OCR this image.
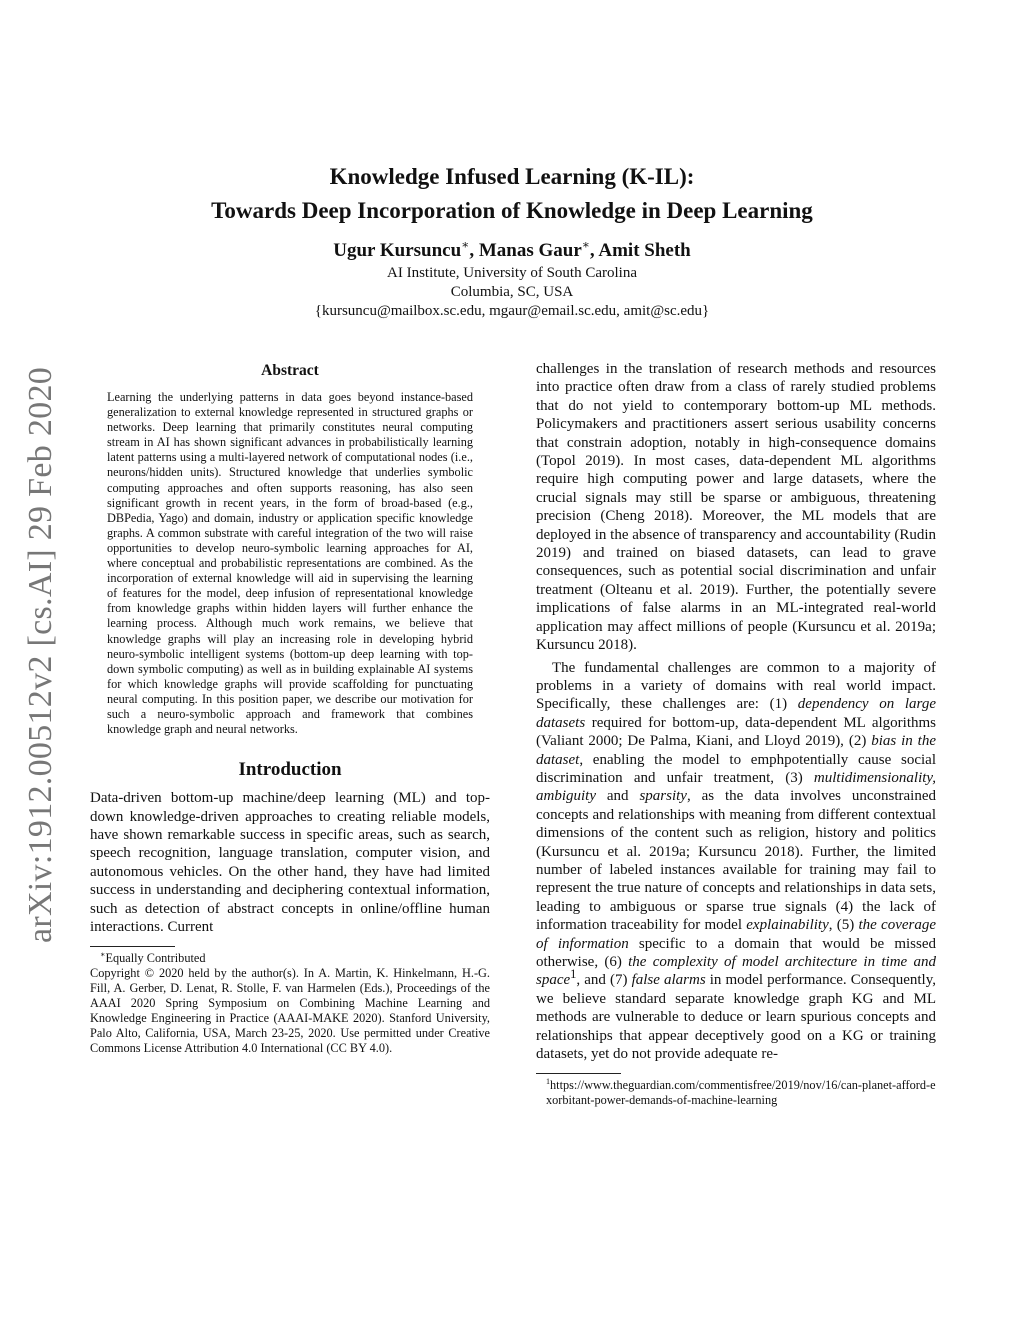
arXiv:1912.00512v2 [cs.AI] 29 Feb 2020
Knowledge Infused Learning (K-IL):
Towards Deep Incorporation of Knowledge in Deep Learning
Ugur Kursuncu∗, Manas Gaur∗, Amit Sheth
AI Institute, University of South Carolina
Columbia, SC, USA
{kursuncu@mailbox.sc.edu, mgaur@email.sc.edu, amit@sc.edu}
Abstract

Learning the underlying patterns in data goes beyond instance-based generalization to external knowledge represented in structured graphs or networks. Deep learning that primarily constitutes neural computing stream in AI has shown significant advances in probabilistically learning latent patterns using a multi-layered network of computational nodes (i.e., neurons/hidden units). Structured knowledge that underlies symbolic computing approaches and often supports reasoning, has also seen significant growth in recent years, in the form of broad-based (e.g., DBPedia, Yago) and domain, industry or application specific knowledge graphs. A common substrate with careful integration of the two will raise opportunities to develop neuro-symbolic learning approaches for AI, where conceptual and probabilistic representations are combined. As the incorporation of external knowledge will aid in supervising the learning of features for the model, deep infusion of representational knowledge from knowledge graphs within hidden layers will further enhance the learning process. Although much work remains, we believe that knowledge graphs will play an increasing role in developing hybrid neuro-symbolic intelligent systems (bottom-up deep learning with top-down symbolic computing) as well as in building explainable AI systems for which knowledge graphs will provide scaffolding for punctuating neural computing. In this position paper, we describe our motivation for such a neuro-symbolic approach and framework that combines knowledge graph and neural networks.

Introduction

Data-driven bottom-up machine/deep learning (ML) and top-down knowledge-driven approaches to creating reliable models, have shown remarkable success in specific areas, such as search, speech recognition, language translation, computer vision, and autonomous vehicles. On the other hand, they have had limited success in understanding and deciphering contextual information, such as detection of abstract concepts in online/offline human interactions. Current

∗Equally Contributed

Copyright © 2020 held by the author(s). In A. Martin, K. Hinkelmann, H.-G. Fill, A. Gerber, D. Lenat, R. Stolle, F. van Harmelen (Eds.), Proceedings of the AAAI 2020 Spring Symposium on Combining Machine Learning and Knowledge Engineering in Practice (AAAI-MAKE 2020). Stanford University, Palo Alto, California, USA, March 23-25, 2020. Use permitted under Creative Commons License Attribution 4.0 International (CC BY 4.0).

challenges in the translation of research methods and resources into practice often draw from a class of rarely studied problems that do not yield to contemporary bottom-up ML methods. Policymakers and practitioners assert serious usability concerns that constrain adoption, notably in high-consequence domains (Topol 2019). In most cases, data-dependent ML algorithms require high computing power and large datasets, where the crucial signals may still be sparse or ambiguous, threatening precision (Cheng 2018). Moreover, the ML models that are deployed in the absence of transparency and accountability (Rudin 2019) and trained on biased datasets, can lead to grave consequences, such as potential social discrimination and unfair treatment (Olteanu et al. 2019). Further, the potentially severe implications of false alarms in an ML-integrated real-world application may affect millions of people (Kursuncu et al. 2019a; Kursuncu 2018).

The fundamental challenges are common to a majority of problems in a variety of domains with real world impact. Specifically, these challenges are: (1) dependency on large datasets required for bottom-up, data-dependent ML algorithms (Valiant 2000; De Palma, Kiani, and Lloyd 2019), (2) bias in the dataset, enabling the model to emphpotentially cause social discrimination and unfair treatment, (3) multidimensionality, ambiguity and sparsity, as the data involves unconstrained concepts and relationships with meaning from different contextual dimensions of the content such as religion, history and politics (Kursuncu et al. 2019a; Kursuncu 2018). Further, the limited number of labeled instances available for training may fail to represent the true nature of concepts and relationships in data sets, leading to ambiguous or sparse true signals (4) the lack of information traceability for model explainability, (5) the coverage of information specific to a domain that would be missed otherwise, (6) the complexity of model architecture in time and space$^1$, and (7) false alarms in model performance. Consequently, we believe standard separate knowledge graph KG and ML methods are vulnerable to deduce or learn spurious concepts and relationships that appear deceptively good on a KG or training datasets, yet do not provide adequate re-

$^1$https://www.theguardian.com/commentisfree/2019/nov/16/can-planet-afford-exorbitant-power-demands-of-machine-learning
